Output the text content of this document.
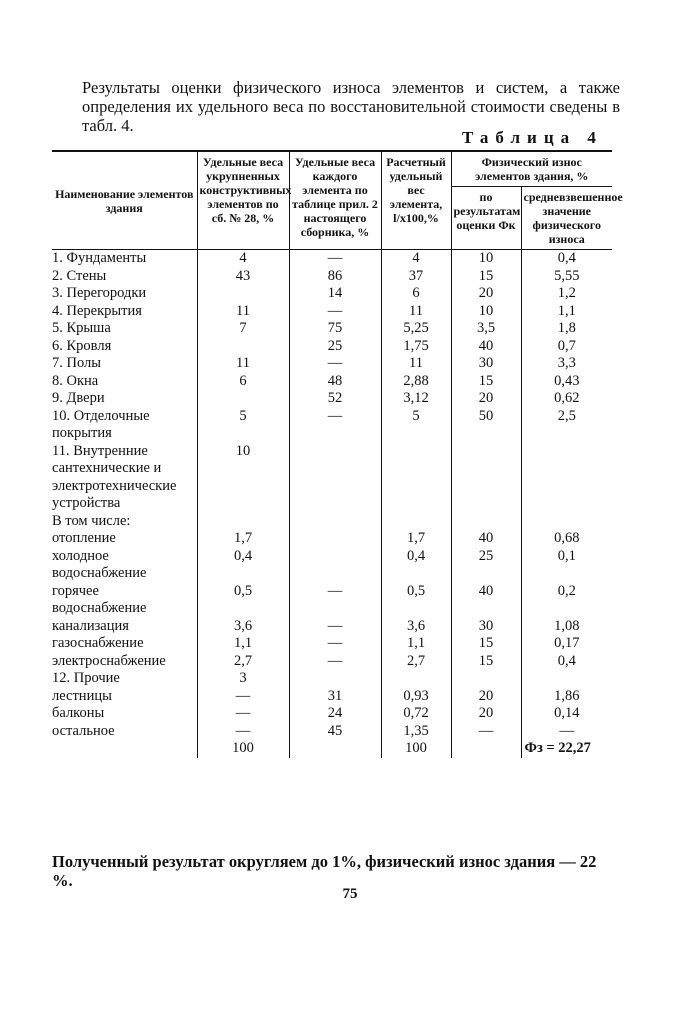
Результаты оценки физического износа элементов и систем, а также определения их удельного веса по восстановительной стоимости сведены в табл. 4.
Таблица 4
Наименование элементов здания	Удельные веса укрупненных конструктивных элементов по сб. № 28, %	Удельные веса каждого элемента по таблице прил. 2 настоящего сборника, %	Расчетный удельный вес элемента, l/x100,%	Физический износ элементов здания, %	
				по результатам оценки Фк	средневзвешенное значение физического износа
1. Фундаменты	4	—	4	10	0,4
2. Стены	43	86	37	15	5,55
3. Перегородки		14	6	20	1,2
4. Перекрытия	11	—	11	10	1,1
5. Крыша	7	75	5,25	3,5	1,8
6. Кровля		25	1,75	40	0,7
7. Полы	11	—	11	30	3,3
8. Окна	6	48	2,88	15	0,43
9. Двери		52	3,12	20	0,62
10. Отделочные покрытия	5	—	5	50	2,5
11. Внутренние сантехнические и электротехнические устройства	10				
В том числе:					
отопление	1,7		1,7	40	0,68
холодное водоснабжение	0,4		0,4	25	0,1
горячее водоснабжение	0,5	—	0,5	40	0,2
канализация	3,6	—	3,6	30	1,08
газоснабжение	1,1	—	1,1	15	0,17
электроснабжение	2,7	—	2,7	15	0,4
12. Прочие	3				
лестницы	—	31	0,93	20	1,86
балконы	—	24	0,72	20	0,14
остальное	—	45	1,35	—	—
	100		100		Фз = 22,27
Полученный результат округляем до 1%, физический износ здания — 22 %.
75
